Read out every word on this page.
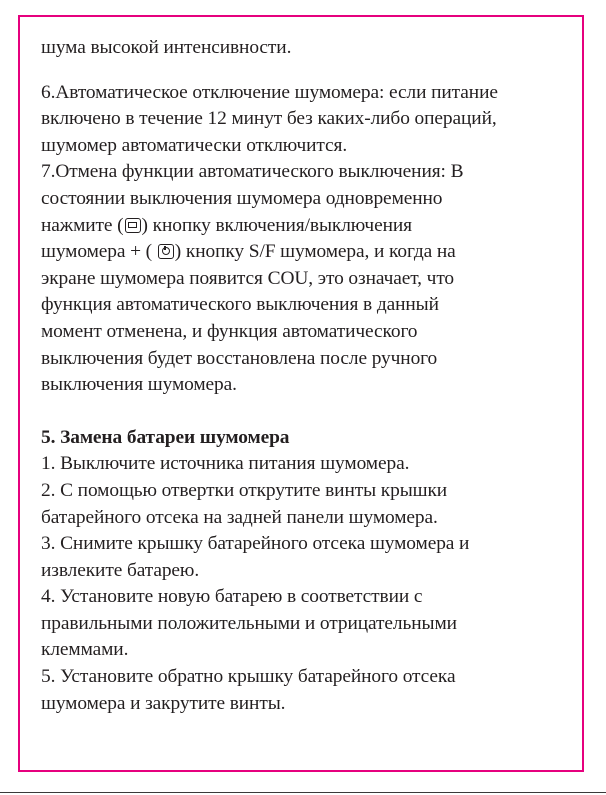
шума высокой интенсивности.
6.Автоматическое отключение шумомера: если питание
включено в течение 12 минут без каких-либо операций,
шумомер автоматически отключится.
7.Отмена функции автоматического выключения: В
состоянии выключения шумомера одновременно
нажмите ( ) кнопку включения/выключения
шумомера + (
) кнопку S/F шумомера, и когда на
экране шумомера появится COU, это означает, что
функция автоматического выключения в данный
момент отменена, и функция автоматического
выключения будет восстановлена после ручного
выключения шумомера.
5. Замена батареи шумомера
1. Выключите источника питания шумомера.
2. С помощью отвертки открутите винты крышки
батарейного отсека на задней панели шумомера.
3. Снимите крышку батарейного отсека шумомера и
извлеките батарею.
4. Установите новую батарею в соответствии с
правильными положительными и отрицательными
клеммами.
5. Установите обратно крышку батарейного отсека
шумомера и закрутите винты.
